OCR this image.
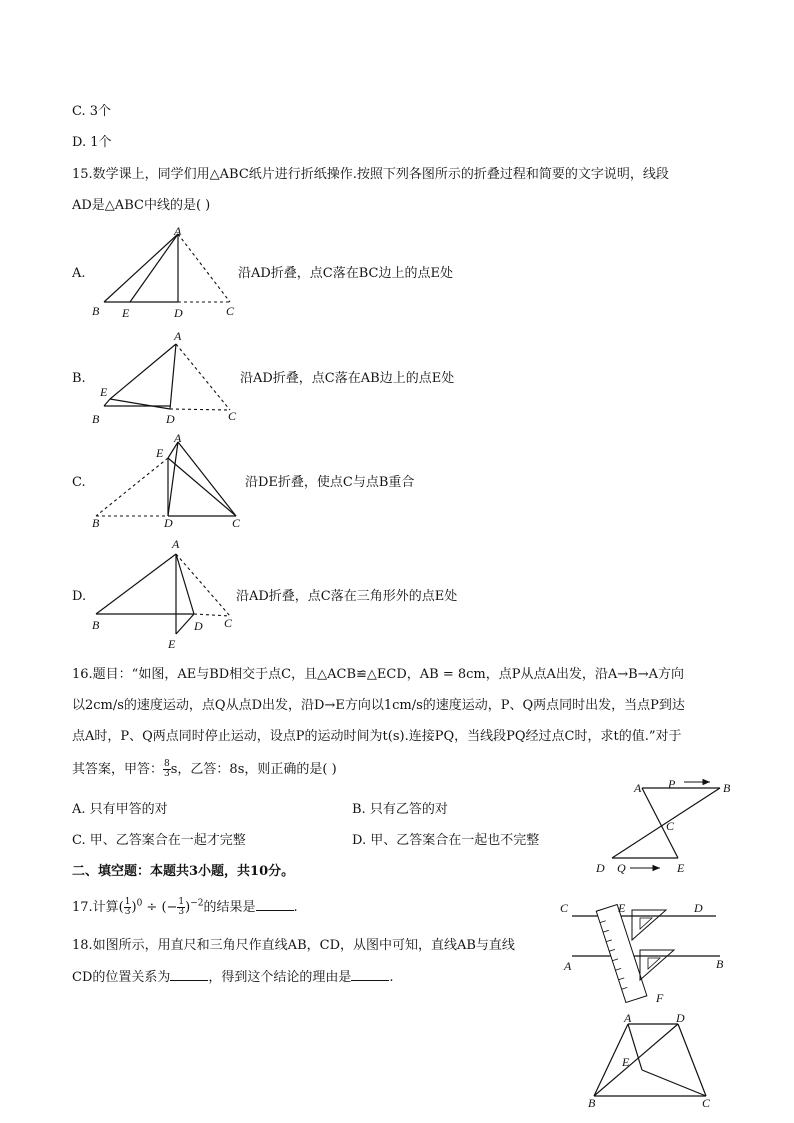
C. 3个
D. 1个
15.数学课上，同学们用△ABC纸片进行折纸操作.按照下列各图所示的折叠过程和简要的文字说明，线段
AD是△ABC中线的是( )
A.
A
B E	D	C
沿AD折叠，点C落在BC边上的点E处
B.
A
E
B	D	C
沿AD折叠，点C落在AB边上的点E处
C.
A
E
B	D	C
沿DE折叠，使点C与点B重合
D.
A
B	D C
E
沿AD折叠，点C落在三角形外的点E处
16.题目：“如图，AE与BD相交于点C，且△ACB≌△ECD，AB = 8cm，点P从点A出发，沿A→B→A方向
以2cm/s的速度运动，点Q从点D出发，沿D→E方向以1cm/s的速度运动，P、Q两点同时出发，当点P到达
点A时，P、Q两点同时停止运动，设点P的运动时间为t(s).连接PQ，当线段PQ经过点C时，求t的值.”对于
其答案，甲答： $\frac{8}{3}$ s，乙答：8s，则正确的是( )
A. 只有甲答的对	B. 只有乙答的对
C. 甲、乙答案合在一起才完整	D. 甲、乙答案合在一起也不完整
A P	B
C
D Q	E
二、填空题：本题共3小题，共10分。
17.计算( $\frac{1}{3} )^0$ ÷ (− $\frac{1}{3} )^{-2}$的结果是	.
18.如图所示，用直尺和三角尺作直线AB，CD，从图中可知，直线AB与直线
CD的位置关系为	，得到这个结论的理由是	.
C	E	D
A	B
F
A	D
E
B	C
